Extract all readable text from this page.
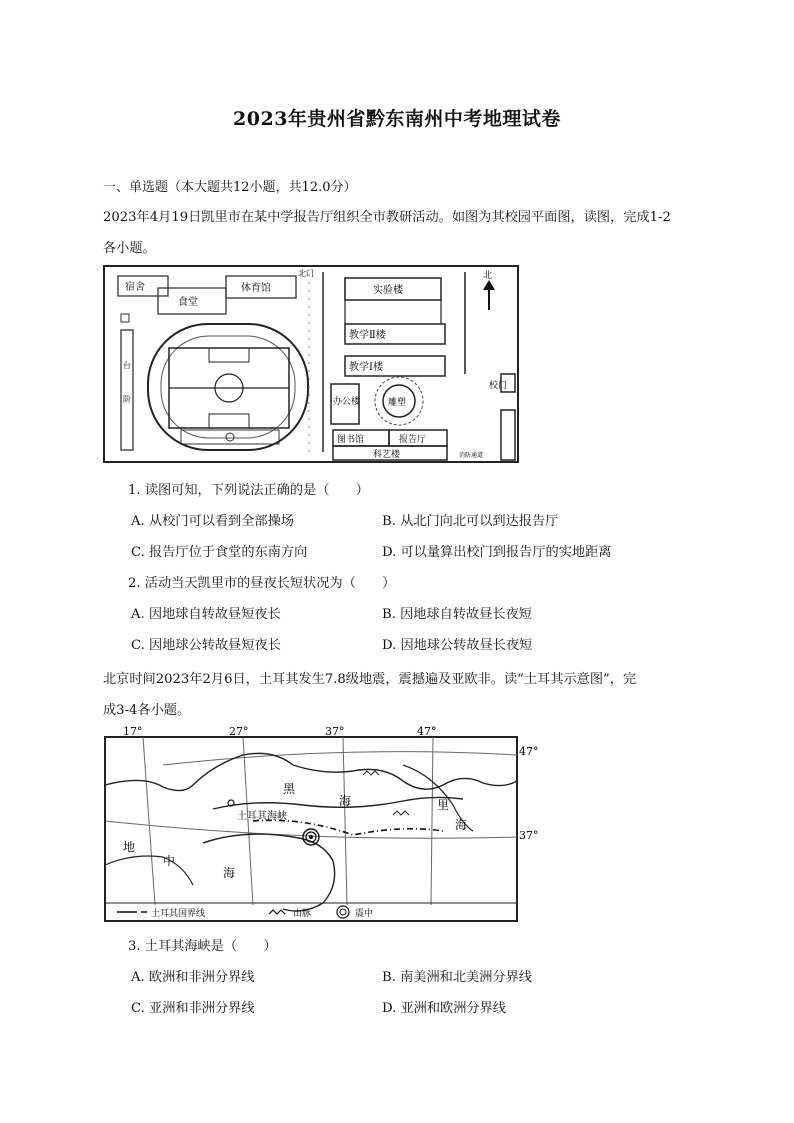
2023年贵州省黔东南州中考地理试卷
一、单选题（本大题共12小题，共12.0分）
2023年4月19日凯里市在某中学报告厅组织全市教研活动。如图为其校园平面图，读图，完成1-2
各小题。
宿舍
食堂
体育馆
北门
实验楼
教学Ⅱ楼
教学Ⅰ楼
办公楼	雕塑
图书馆	报告厅
科艺楼
校门
北
台
阶
消防通道
1. 读图可知，下列说法正确的是（　　）
A. 从校门可以看到全部操场	B. 从北门向北可以到达报告厅
C. 报告厅位于食堂的东南方向	D. 可以量算出校门到报告厅的实地距离
2. 活动当天凯里市的昼夜长短状况为（　　）
A. 因地球自转故昼短夜长	B. 因地球自转故昼长夜短
C. 因地球公转故昼短夜长	D. 因地球公转故昼长夜短
北京时间2023年2月6日，土耳其发生7.8级地震，震撼遍及亚欧非。读“土耳其示意图”，完
成3-4各小题。
17°	27°	37°	47°
47°
37°
土耳其海峡
黑
海	里
海
地
中
海
土耳其国界线	山脉	震中
3. 土耳其海峡是（　　）
A. 欧洲和非洲分界线	B. 南美洲和北美洲分界线
C. 亚洲和非洲分界线	D. 亚洲和欧洲分界线
